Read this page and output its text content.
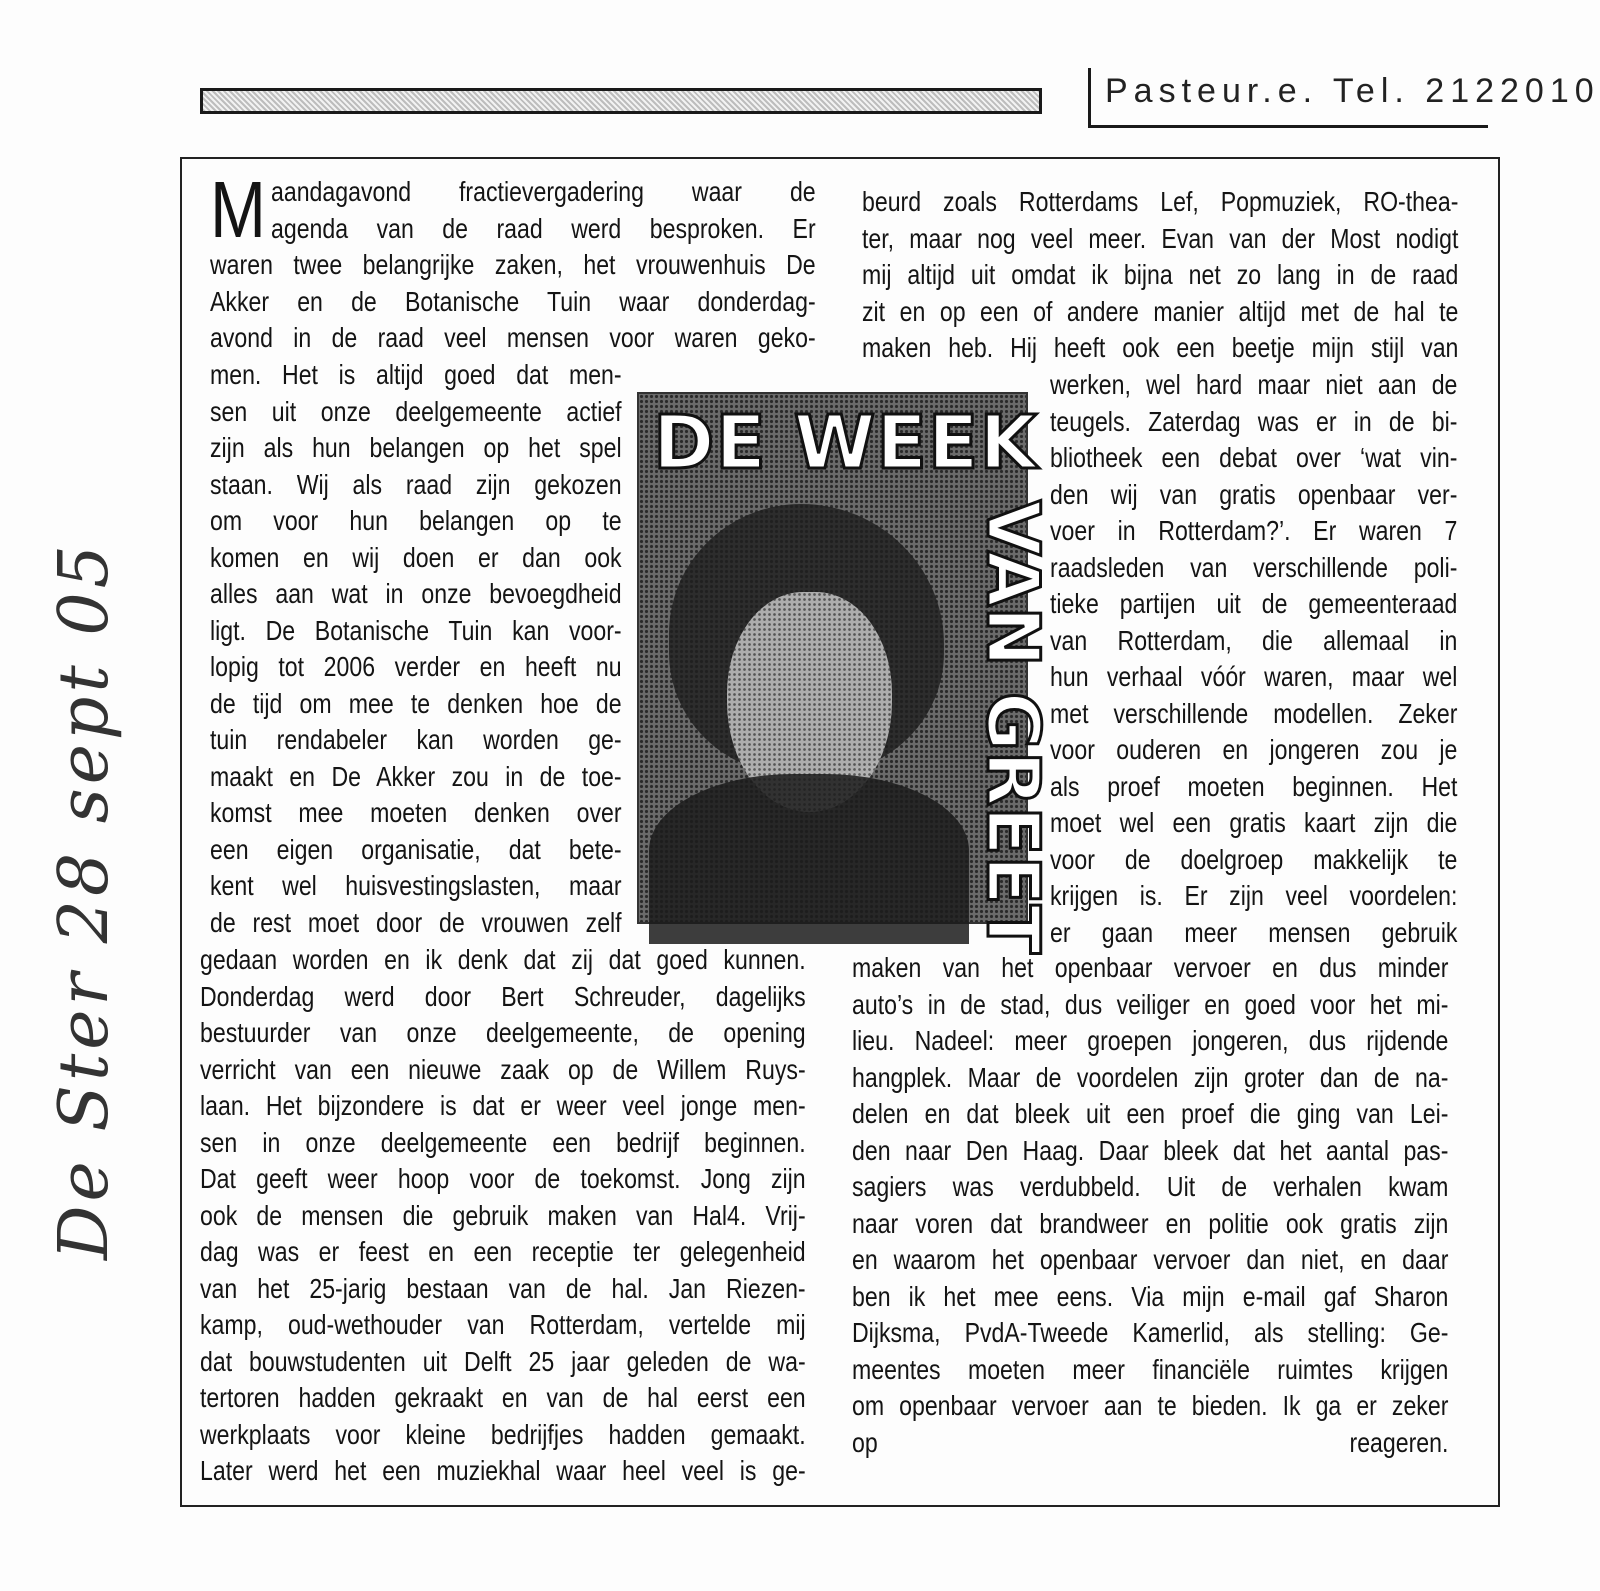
Pasteur.e. Tel. 2122010
De Ster 28 sept 05
M aandagavond fractievergadering waar de
agenda van de raad werd besproken. Er
waren twee belangrijke zaken, het vrouwenhuis De
Akker en de Botanische Tuin waar donderdag-
avond in de raad veel mensen voor waren geko-
men. Het is altijd goed dat men-
sen uit onze deelgemeente actief
zijn als hun belangen op het spel
staan. Wij als raad zijn gekozen
om voor hun belangen op te
komen en wij doen er dan ook
alles aan wat in onze bevoegdheid
ligt. De Botanische Tuin kan voor-
lopig tot 2006 verder en heeft nu
de tijd om mee te denken hoe de
tuin rendabeler kan worden ge-
maakt en De Akker zou in de toe-
komst mee moeten denken over
een eigen organisatie, dat bete-
kent wel huisvestingslasten, maar
de rest moet door de vrouwen zelf
gedaan worden en ik denk dat zij dat goed kunnen.
Donderdag werd door Bert Schreuder, dagelijks
bestuurder van onze deelgemeente, de opening
verricht van een nieuwe zaak op de Willem Ruys-
laan. Het bijzondere is dat er weer veel jonge men-
sen in onze deelgemeente een bedrijf beginnen.
Dat geeft weer hoop voor de toekomst. Jong zijn
ook de mensen die gebruik maken van Hal4. Vrij-
dag was er feest en een receptie ter gelegenheid
van het 25-jarig bestaan van de hal. Jan Riezen-
kamp, oud-wethouder van Rotterdam, vertelde mij
dat bouwstudenten uit Delft 25 jaar geleden de wa-
tertoren hadden gekraakt en van de hal eerst een
werkplaats voor kleine bedrijfjes hadden gemaakt.
Later werd het een muziekhal waar heel veel is ge-
beurd zoals Rotterdams Lef, Popmuziek, RO-thea-
ter, maar nog veel meer. Evan van der Most nodigt
mij altijd uit omdat ik bijna net zo lang in de raad
zit en op een of andere manier altijd met de hal te
maken heb. Hij heeft ook een beetje mijn stijl van
werken, wel hard maar niet aan de
teugels. Zaterdag was er in de bi-
bliotheek een debat over ‘wat vin-
den wij van gratis openbaar ver-
voer in Rotterdam?’. Er waren 7
raadsleden van verschillende poli-
tieke partijen uit de gemeenteraad
van Rotterdam, die allemaal in
hun verhaal vóór waren, maar wel
met verschillende modellen. Zeker
voor ouderen en jongeren zou je
als proef moeten beginnen. Het
moet wel een gratis kaart zijn die
voor de doelgroep makkelijk te
krijgen is. Er zijn veel voordelen:
er gaan meer mensen gebruik
maken van het openbaar vervoer en dus minder
auto’s in de stad, dus veiliger en goed voor het mi-
lieu. Nadeel: meer groepen jongeren, dus rijdende
hangplek. Maar de voordelen zijn groter dan de na-
delen en dat bleek uit een proef die ging van Lei-
den naar Den Haag. Daar bleek dat het aantal pas-
sagiers was verdubbeld. Uit de verhalen kwam
naar voren dat brandweer en politie ook gratis zijn
en waarom het openbaar vervoer dan niet, en daar
ben ik het mee eens. Via mijn e-mail gaf Sharon
Dijksma, PvdA-Tweede Kamerlid, als stelling: Ge-
meentes moeten meer financiële ruimtes krijgen
om openbaar vervoer aan te bieden. Ik ga er zeker
op reageren.
DE WEEK
VAN GREET
